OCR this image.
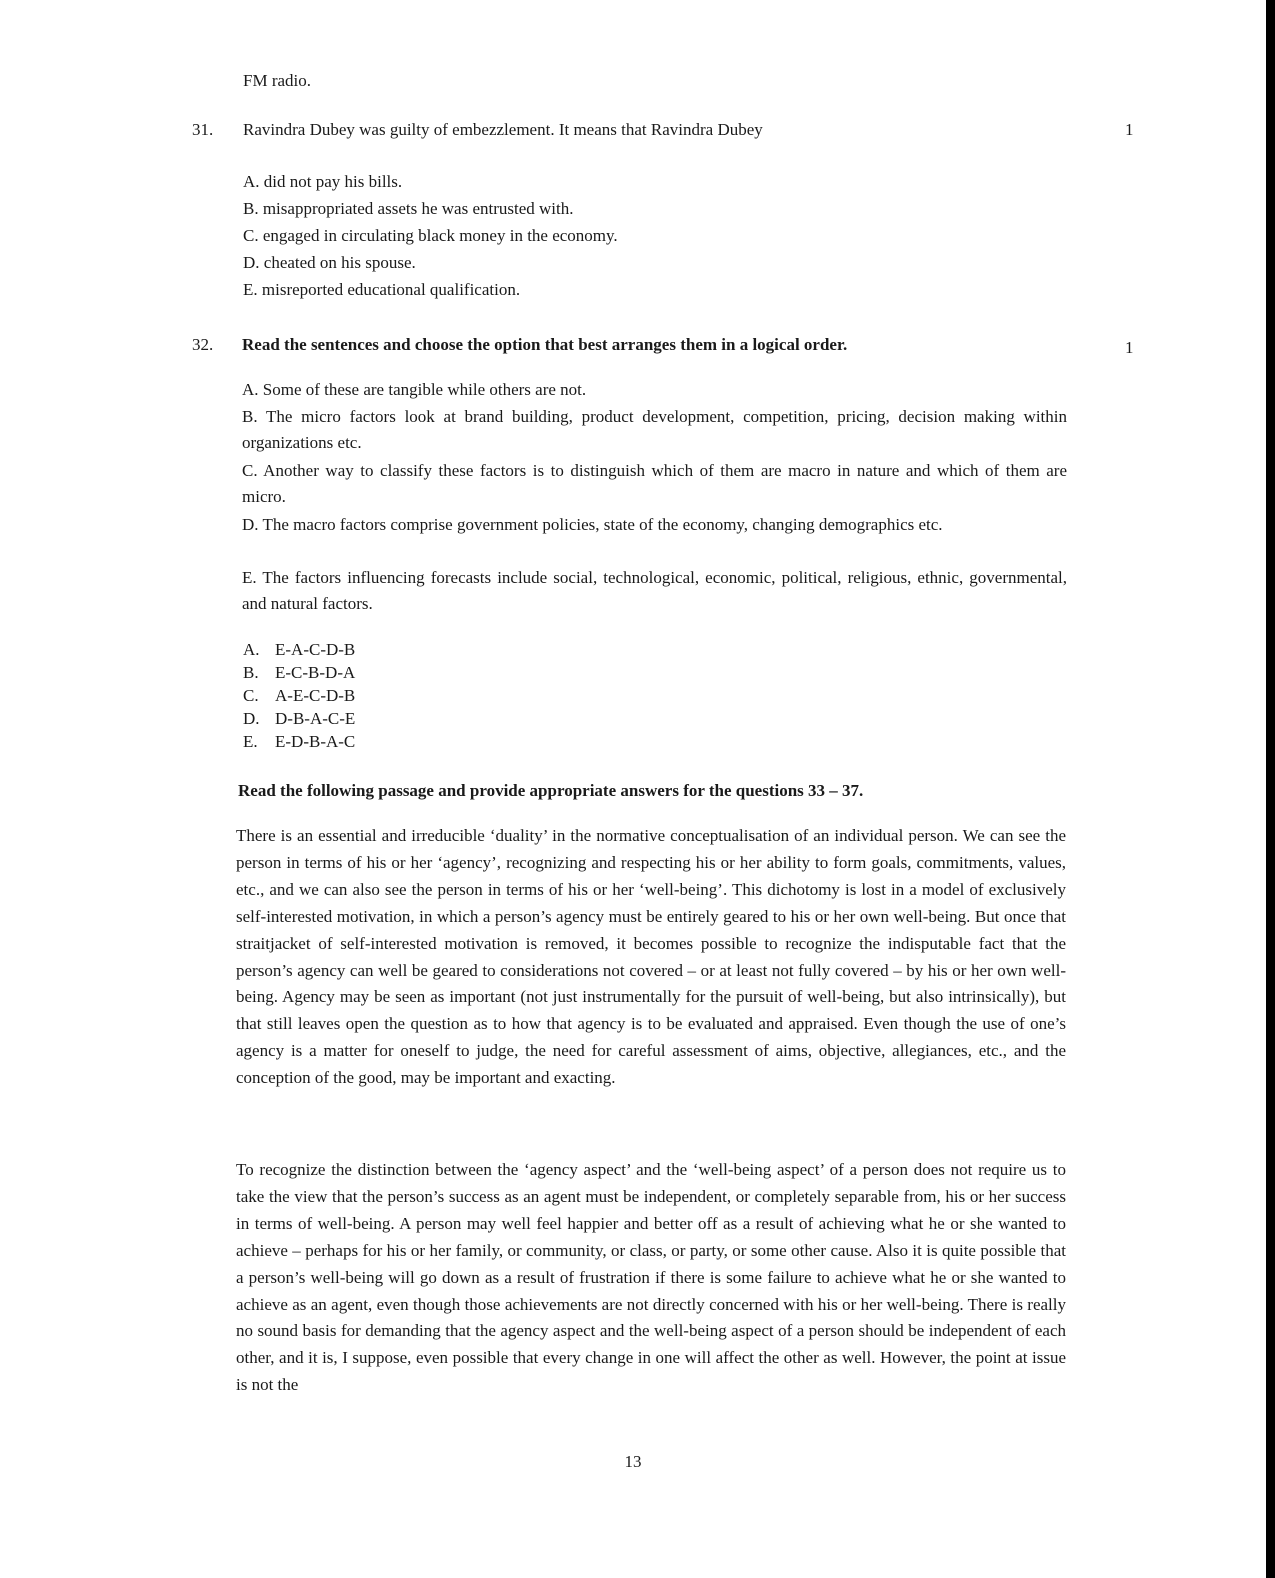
FM radio.
31. Ravindra Dubey was guilty of embezzlement. It means that Ravindra Dubey	1
A. did not pay his bills.
B. misappropriated assets he was entrusted with.
C. engaged in circulating black money in the economy.
D. cheated on his spouse.
E. misreported educational qualification.
32. Read the sentences and choose the option that best arranges them in a logical order.	1
A. Some of these are tangible while others are not.
B. The micro factors look at brand building, product development, competition, pricing, decision making within organizations etc.
C. Another way to classify these factors is to distinguish which of them are macro in nature and which of them are micro.
D. The macro factors comprise government policies, state of the economy, changing demographics etc.
E. The factors influencing forecasts include social, technological, economic, political, religious, ethnic, governmental, and natural factors.
A. E-A-C-D-B
B. E-C-B-D-A
C. A-E-C-D-B
D. D-B-A-C-E
E. E-D-B-A-C
Read the following passage and provide appropriate answers for the questions 33 – 37.
There is an essential and irreducible ‘duality’ in the normative conceptualisation of an individual person. We can see the person in terms of his or her ‘agency’, recognizing and respecting his or her ability to form goals, commitments, values, etc., and we can also see the person in terms of his or her ‘well-being’. This dichotomy is lost in a model of exclusively self-interested motivation, in which a person’s agency must be entirely geared to his or her own well-being. But once that straitjacket of self-interested motivation is removed, it becomes possible to recognize the indisputable fact that the person’s agency can well be geared to considerations not covered – or at least not fully covered – by his or her own well-being. Agency may be seen as important (not just instrumentally for the pursuit of well-being, but also intrinsically), but that still leaves open the question as to how that agency is to be evaluated and appraised. Even though the use of one’s agency is a matter for oneself to judge, the need for careful assessment of aims, objective, allegiances, etc., and the conception of the good, may be important and exacting.
To recognize the distinction between the ‘agency aspect’ and the ‘well-being aspect’ of a person does not require us to take the view that the person’s success as an agent must be independent, or completely separable from, his or her success in terms of well-being. A person may well feel happier and better off as a result of achieving what he or she wanted to achieve – perhaps for his or her family, or community, or class, or party, or some other cause. Also it is quite possible that a person’s well-being will go down as a result of frustration if there is some failure to achieve what he or she wanted to achieve as an agent, even though those achievements are not directly concerned with his or her well-being. There is really no sound basis for demanding that the agency aspect and the well-being aspect of a person should be independent of each other, and it is, I suppose, even possible that every change in one will affect the other as well. However, the point at issue is not the
13
